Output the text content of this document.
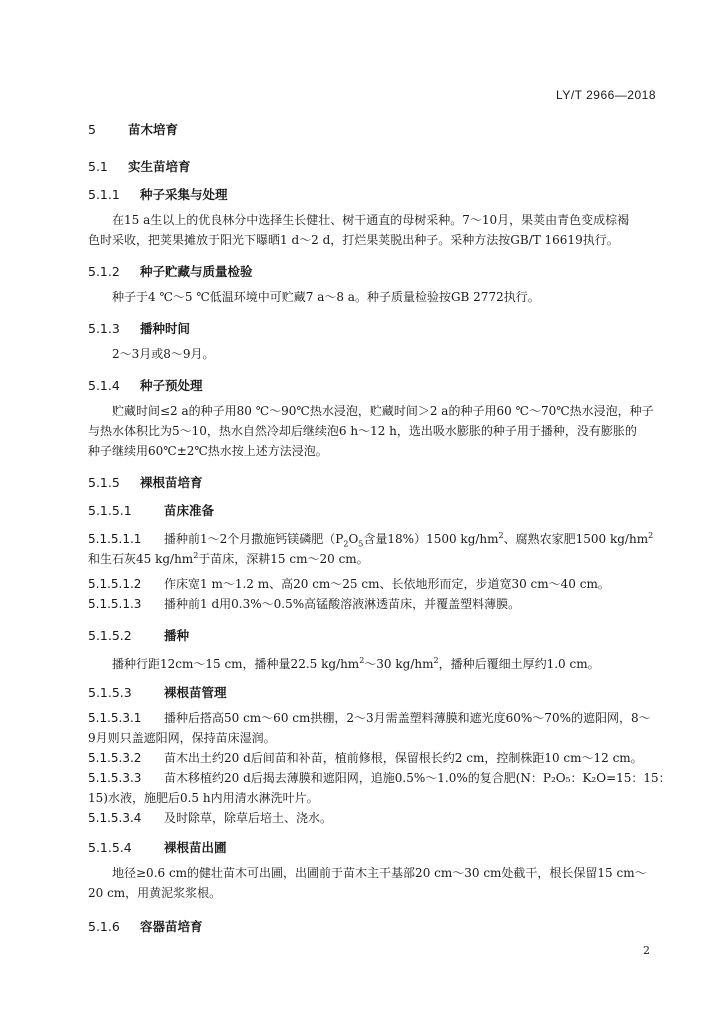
LY/T 2966—2018
5	苗木培育
5.1 实生苗培育
5.1.1 种子采集与处理

在15 a生以上的优良林分中选择生长健壮、树干通直的母树采种。7～10月，果荚由青色变成棕褐

色时采收，把荚果摊放于阳光下曝晒1 d～2 d，打烂果荚脱出种子。采种方法按GB/T 16619执行。

5.1.2 种子贮藏与质量检验

种子于4 ℃～5 ℃低温环境中可贮藏7 a～8 a。种子质量检验按GB 2772执行。

5.1.3 播种时间

2～3月或8～9月。

5.1.4 种子预处理

贮藏时间≤2 a的种子用80 ℃～90℃热水浸泡，贮藏时间＞2 a的种子用60 ℃～70℃热水浸泡，种子

与热水体积比为5～10，热水自然冷却后继续泡6 h～12 h，选出吸水膨胀的种子用于播种，没有膨胀的

种子继续用60℃±2℃热水按上述方法浸泡。

5.1.5 裸根苗培育
5.1.5.1	苗床准备

5.1.5.1.1 播种前1～2个月撒施钙镁磷肥（$P_2O_5$含量18%）1500 $kg/hm^2$、腐熟农家肥1500 $kg/hm^2$

和生石灰45 $kg/hm^2$于苗床，深耕15 cm～20 cm。

5.1.5.1.2 作床宽1 m～1.2 m、高20 cm～25 cm、长依地形而定，步道宽30 cm～40 cm。

5.1.5.1.3 播种前1 d用0.3%～0.5%高锰酸溶液淋透苗床，并覆盖塑料薄膜。

5.1.5.2	播种

播种行距12cm～15 cm，播种量22.5 $kg/hm^2\sim 30$ $kg/hm^2$，播种后覆细土厚约1.0 cm。

5.1.5.3	裸根苗管理

5.1.5.3.1 播种后搭高50 cm～60 cm拱棚，2～3月需盖塑料薄膜和遮光度60%～70%的遮阳网，8～

9月则只盖遮阳网，保持苗床湿润。

5.1.5.3.2 苗木出土约20 d后间苗和补苗，植前修根，保留根长约2 cm，控制株距10 cm～12 cm。

5.1.5.3.3 苗木移植约20 d后揭去薄膜和遮阳网，追施0.5%～1.0%的复合肥(N：P₂O₅：K₂O=15：15：

15)水液，施肥后0.5 h内用清水淋洗叶片。

5.1.5.3.4 及时除草，除草后培土、浇水。

5.1.5.4	裸根苗出圃

地径≥0.6 cm的健壮苗木可出圃，出圃前于苗木主干基部20 cm～30 cm处截干，根长保留15 cm～

20 cm，用黄泥浆浆根。

5.1.6 容器苗培育
2
